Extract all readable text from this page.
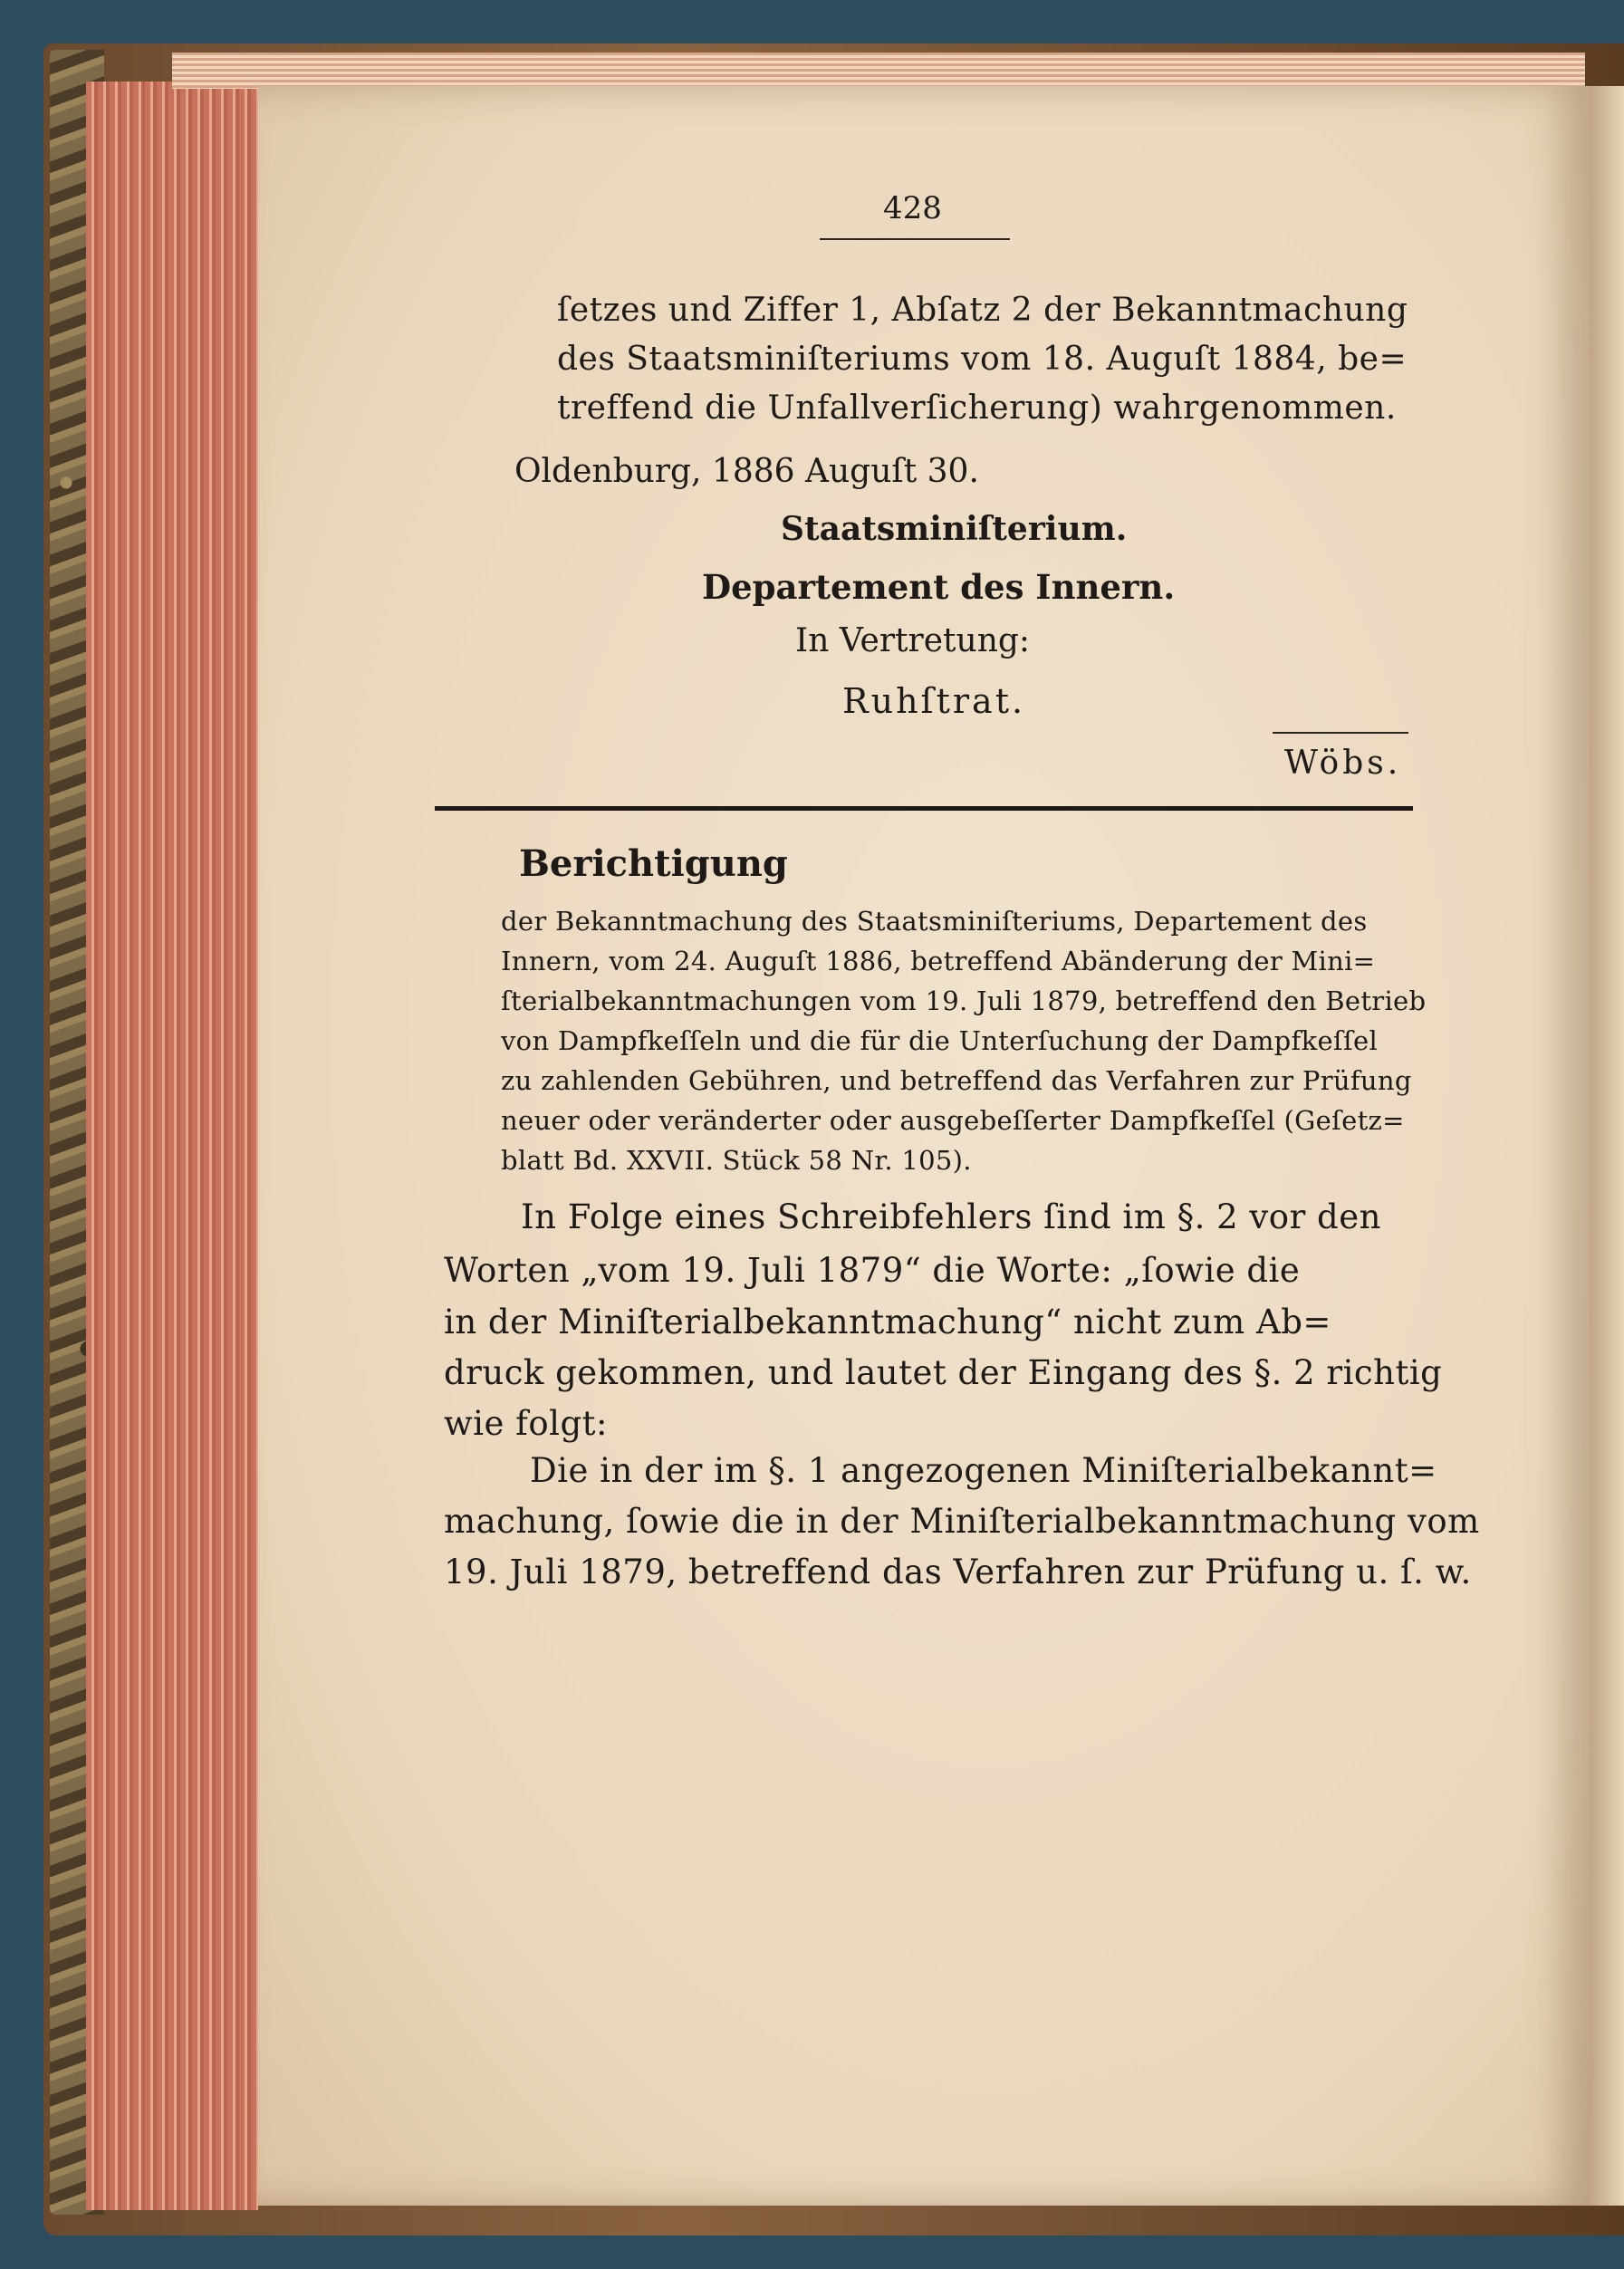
428
ſetzes und Ziffer 1, Abſatz 2 der Bekanntmachung
des Staatsminiſteriums vom 18. Auguſt 1884, be=
treffend die Unfallverſicherung) wahrgenommen.
Oldenburg, 1886 Auguſt 30.
Staatsminiſterium.
Departement des Innern.
In Vertretung:
Ruhſtrat.
Wöbs.
Berichtigung
der Bekanntmachung des Staatsminiſteriums, Departement des
Innern, vom 24. Auguſt 1886, betreffend Abänderung der Mini=
ſterialbekanntmachungen vom 19. Juli 1879, betreffend den Betrieb
von Dampfkeſſeln und die für die Unterſuchung der Dampfkeſſel
zu zahlenden Gebühren, und betreffend das Verfahren zur Prüfung
neuer oder veränderter oder ausgebeſſerter Dampfkeſſel (Geſetz=
blatt Bd. XXVII. Stück 58 Nr. 105).
In Folge eines Schreibfehlers ſind im §. 2 vor den
Worten „vom 19. Juli 1879“ die Worte: „ſowie die
in der Miniſterialbekanntmachung“ nicht zum Ab=
druck gekommen, und lautet der Eingang des §. 2 richtig
wie folgt:
Die in der im §. 1 angezogenen Miniſterialbekannt=
machung, ſowie die in der Miniſterialbekanntmachung vom
19. Juli 1879, betreffend das Verfahren zur Prüfung u. ſ. w.
